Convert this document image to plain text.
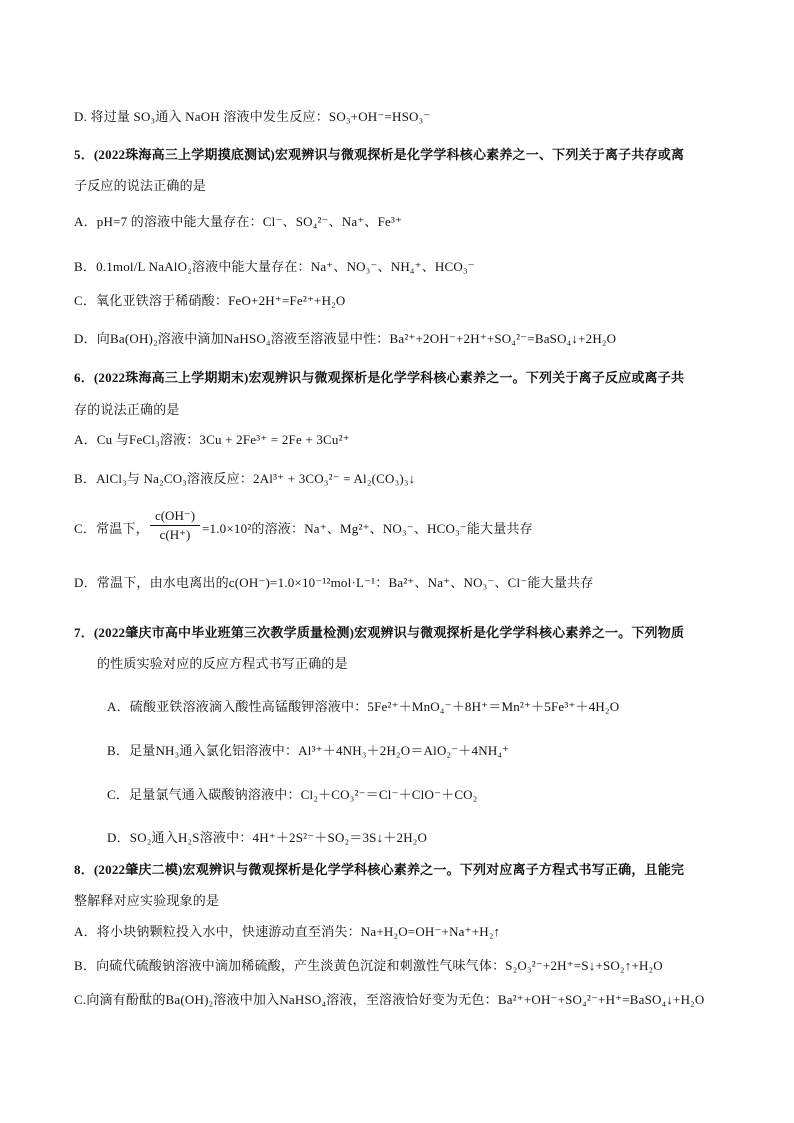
D. 将过量 SO₃通入 NaOH 溶液中发生反应：SO₃+OH⁻=HSO₃⁻
5．(2022珠海高三上学期摸底测试)宏观辨识与微观探析是化学学科核心素养之一、下列关于离子共存或离
子反应的说法正确的是
A．pH=7 的溶液中能大量存在：Cl⁻、SO₄²⁻、Na⁺、Fe³⁺
B．0.1mol/L NaAlO₂溶液中能大量存在：Na⁺、NO₃⁻、NH₄⁺、HCO₃⁻
C．氧化亚铁溶于稀硝酸：FeO+2H⁺=Fe²⁺+H₂O
D．向Ba(OH)₂溶液中滴加NaHSO₄溶液至溶液显中性：Ba²⁺+2OH⁻+2H⁺+SO₄²⁻=BaSO₄↓+2H₂O
6．(2022珠海高三上学期期末)宏观辨识与微观探析是化学学科核心素养之一。下列关于离子反应或离子共
存的说法正确的是
A．Cu 与FeCl₃溶液：3Cu + 2Fe³⁺ = 2Fe + 3Cu²⁺
B．AlCl₃与 Na₂CO₃溶液反应：2Al³⁺ + 3CO₃²⁻ = Al₂(CO₃)₃↓
C．常温下， $\frac{c(OH^-)}{c(H^+)} =1.0\times 10^2$的溶液：Na⁺、Mg²⁺、NO₃⁻、HCO₃⁻能大量共存
D．常温下，由水电离出的c(OH⁻)=1.0×10⁻¹²mol·L⁻¹：Ba²⁺、Na⁺、NO₃⁻、Cl⁻能大量共存
7．(2022肇庆市高中毕业班第三次教学质量检测)宏观辨识与微观探析是化学学科核心素养之一。下列物质
的性质实验对应的反应方程式书写正确的是
A．硫酸亚铁溶液滴入酸性高锰酸钾溶液中：5Fe²⁺＋MnO₄⁻＋8H⁺＝Mn²⁺＋5Fe³⁺＋4H₂O
B．足量NH₃通入氯化铝溶液中：Al³⁺＋4NH₃＋2H₂O＝AlO₂⁻＋4NH₄⁺
C．足量氯气通入碳酸钠溶液中：Cl₂＋CO₃²⁻＝Cl⁻＋ClO⁻＋CO₂
D．SO₂通入H₂S溶液中：4H⁺＋2S²⁻＋SO₂＝3S↓＋2H₂O
8．(2022肇庆二模)宏观辨识与微观探析是化学学科核心素养之一。下列对应离子方程式书写正确，且能完
整解释对应实验现象的是
A．将小块钠颗粒投入水中，快速游动直至消失：Na+H₂O=OH⁻+Na⁺+H₂↑
B．向硫代硫酸钠溶液中滴加稀硫酸，产生淡黄色沉淀和刺激性气味气体：S₂O₃²⁻+2H⁺=S↓+SO₂↑+H₂O
C.向滴有酚酞的Ba(OH)₂溶液中加入NaHSO₄溶液，至溶液恰好变为无色：Ba²⁺+OH⁻+SO₄²⁻+H⁺=BaSO₄↓+H₂O
